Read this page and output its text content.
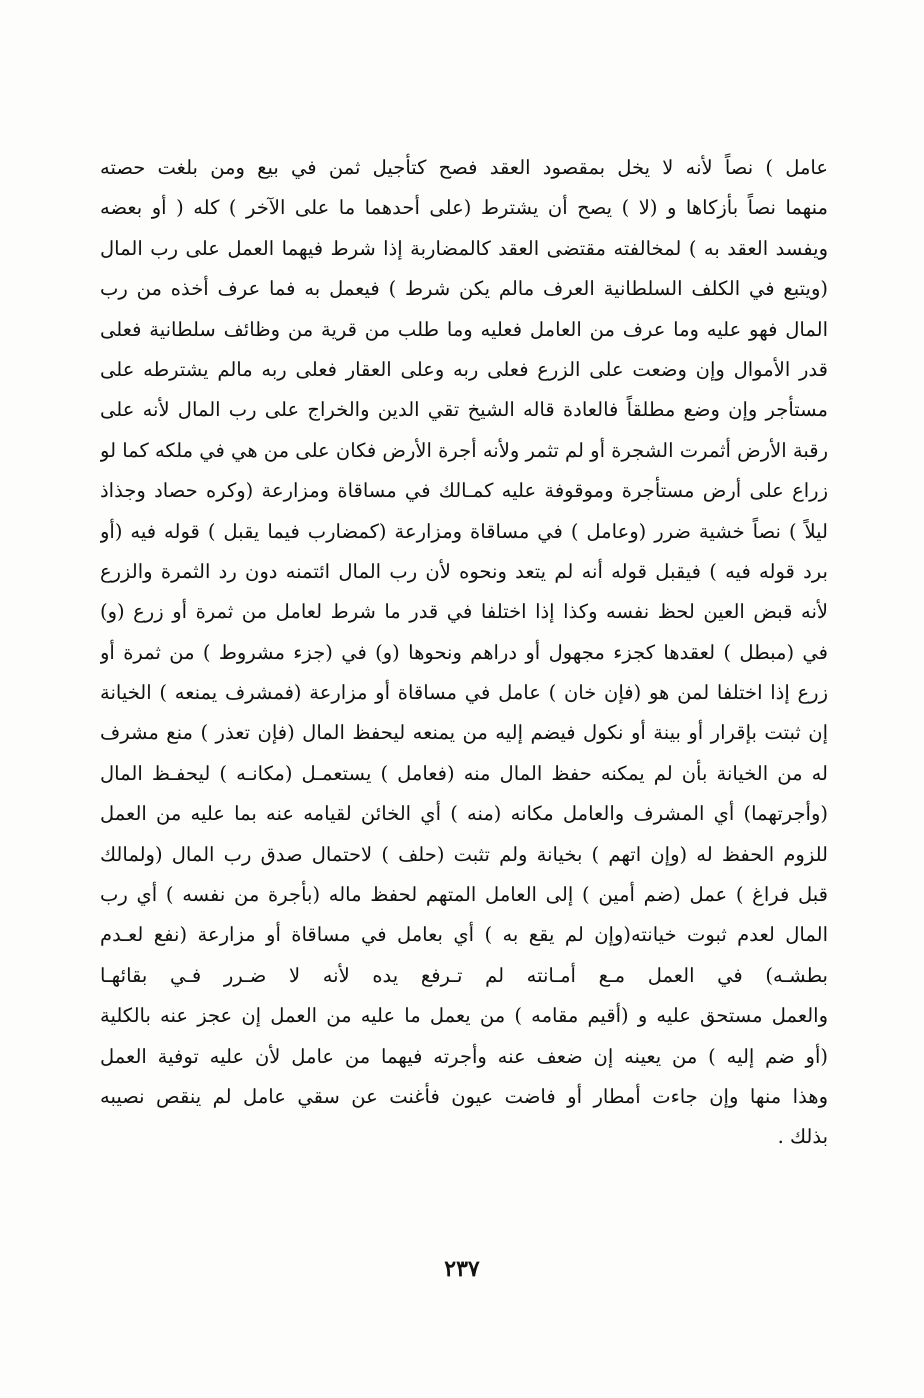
عامل ) نصاً لأنه لا يخل بمقصود العقد فصح كتأجيل ثمن في بيع ومن بلغت حصته
منهما نصاً بأزكاها و (لا ) يصح أن يشترط (على أحدهما ما على الآخر ) كله ( أو بعضه
ويفسد العقد به ) لمخالفته مقتضى العقد كالمضاربة إذا شرط فيهما العمل على رب المال
(ويتبع في الكلف السلطانية العرف مالم يكن شرط ) فيعمل به فما عرف أخذه من رب
المال فهو عليه وما عرف من العامل فعليه وما طلب من قرية من وظائف سلطانية فعلى
قدر الأموال وإن وضعت على الزرع فعلى ربه وعلى العقار فعلى ربه مالم يشترطه على
مستأجر وإن وضع مطلقاً فالعادة قاله الشيخ تقي الدين والخراج على رب المال لأنه على
رقبة الأرض أثمرت الشجرة أو لم تثمر ولأنه أجرة الأرض فكان على من هي في ملكه كما لو
زراع على أرض مستأجرة وموقوفة عليه كمـالك في مساقاة ومزارعة (وكره حصاد وجذاذ
ليلاً ) نصاً خشية ضرر (وعامل ) في مساقاة ومزارعة (كمضارب فيما يقبل ) قوله فيه (أو
برد قوله فيه ) فيقبل قوله أنه لم يتعد ونحوه لأن رب المال ائتمنه دون رد الثمرة والزرع
لأنه قبض العين لحظ نفسه وكذا إذا اختلفا في قدر ما شرط لعامل من ثمرة أو زرع (و)
في (مبطل ) لعقدها كجزء مجهول أو دراهم ونحوها (و) في (جزء مشروط ) من ثمرة أو
زرع إذا اختلفا لمن هو (فإن خان ) عامل في مساقاة أو مزارعة (فمشرف يمنعه ) الخيانة
إن ثبتت بإقرار أو بينة أو نكول فيضم إليه من يمنعه ليحفظ المال (فإن تعذر ) منع مشرف
له من الخيانة بأن لم يمكنه حفظ المال منه (فعامل ) يستعمـل (مكانـه ) ليحفـظ المال
(وأجرتهما) أي المشرف والعامل مكانه (منه ) أي الخائن لقيامه عنه بما عليه من العمل
للزوم الحفظ له (وإن اتهم ) بخيانة ولم تثبت (حلف ) لاحتمال صدق رب المال (ولمالك
قبل فراغ ) عمل (ضم أمين ) إلى العامل المتهم لحفظ ماله (بأجرة من نفسه ) أي رب
المال لعدم ثبوت خيانته(وإن لم يقع به ) أي بعامل في مساقاة أو مزارعة (نفع لعـدم
بطشـه) في العمل مـع أمـانته لم تـرفع يده لأنه لا ضـرر فـي بقائهـا
والعمل مستحق عليه و (أقيم مقامه ) من يعمل ما عليه من العمل إن عجز عنه بالكلية
(أو ضم إليه ) من يعينه إن ضعف عنه وأجرته فيهما من عامل لأن عليه توفية العمل
وهذا منها وإن جاءت أمطار أو فاضت عيون فأغنت عن سقي عامل لم ينقص نصيبه
بذلك .
٢٣٧
